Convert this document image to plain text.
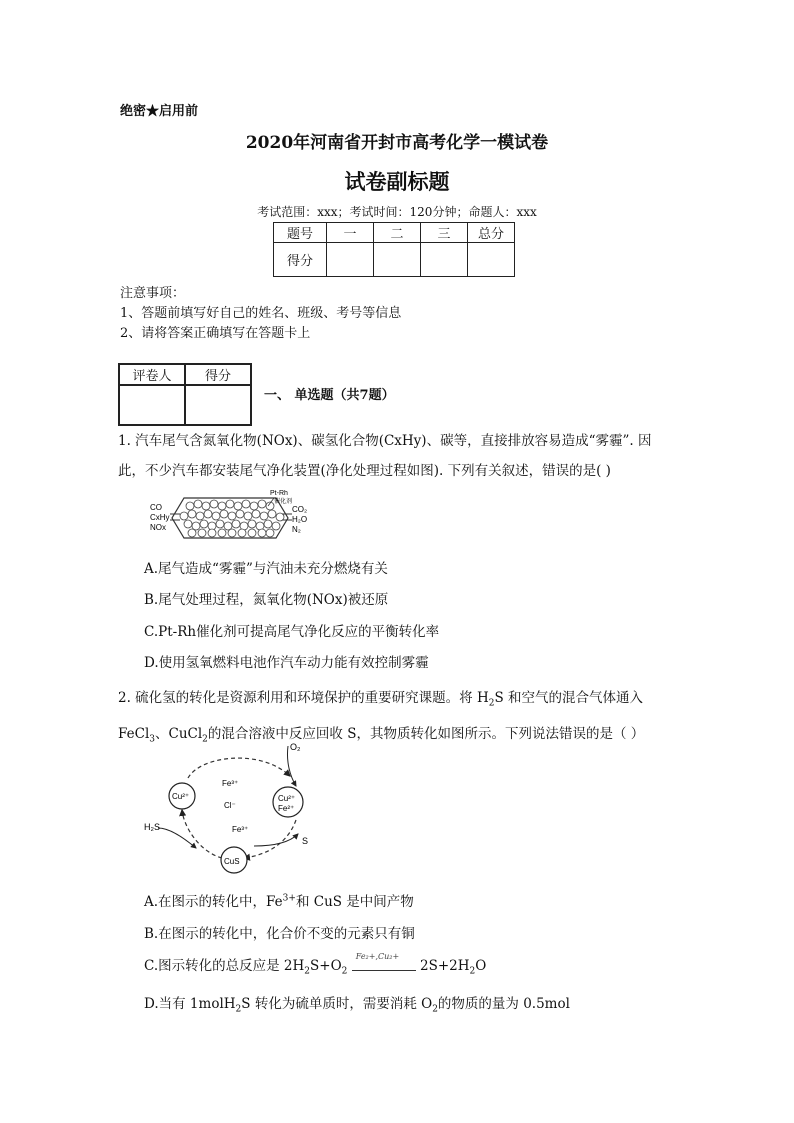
绝密★启用前
2020年河南省开封市高考化学一模试卷
试卷副标题
考试范围：xxx；考试时间：120分钟；命题人：xxx
题号	一	二	三	总分
得分				
注意事项：
1、答题前填写好自己的姓名、班级、考号等信息
2、请将答案正确填写在答题卡上
评卷人	得分

一、 单选题（共7题）
1. 汽车尾气含氮氧化物(NOx)、碳氢化合物(CxHy)、碳等，直接排放容易造成“雾霾”. 因
此，不少汽车都安装尾气净化装置(净化处理过程如图). 下列有关叙述，错误的是( )
CO
CxHy
NOx
CO₂
H₂O
N₂
Pt-Rh
催化剂
A.尾气造成“雾霾”与汽油未充分燃烧有关
B.尾气处理过程，氮氧化物(NOx)被还原
C.Pt-Rh催化剂可提高尾气净化反应的平衡转化率
D.使用氢氧燃料电池作汽车动力能有效控制雾霾
2. 硫化氢的转化是资源利用和环境保护的重要研究课题。将 $H_2S$ 和空气的混合气体通入
FeCl$_3$、CuCl$_2$的混合溶液中反应回收 S，其物质转化如图所示。下列说法错误的是（ ）
O₂
Cu²⁺	Cu²⁺
Fe²⁺
CuS
Fe³⁺
Cl⁻
Fe³⁺
H₂S
S
A.在图示的转化中，$Fe^{3+}$和 CuS 是中间产物
B.在图示的转化中，化合价不变的元素只有铜
C.图示转化的总反应是 $2H_2S+O_2$
Fe₂+,Cu₂+
$2S+2H_2O$
D.当有 1molH$_2$S 转化为硫单质时，需要消耗 $O_2$的物质的量为 0.5mol
